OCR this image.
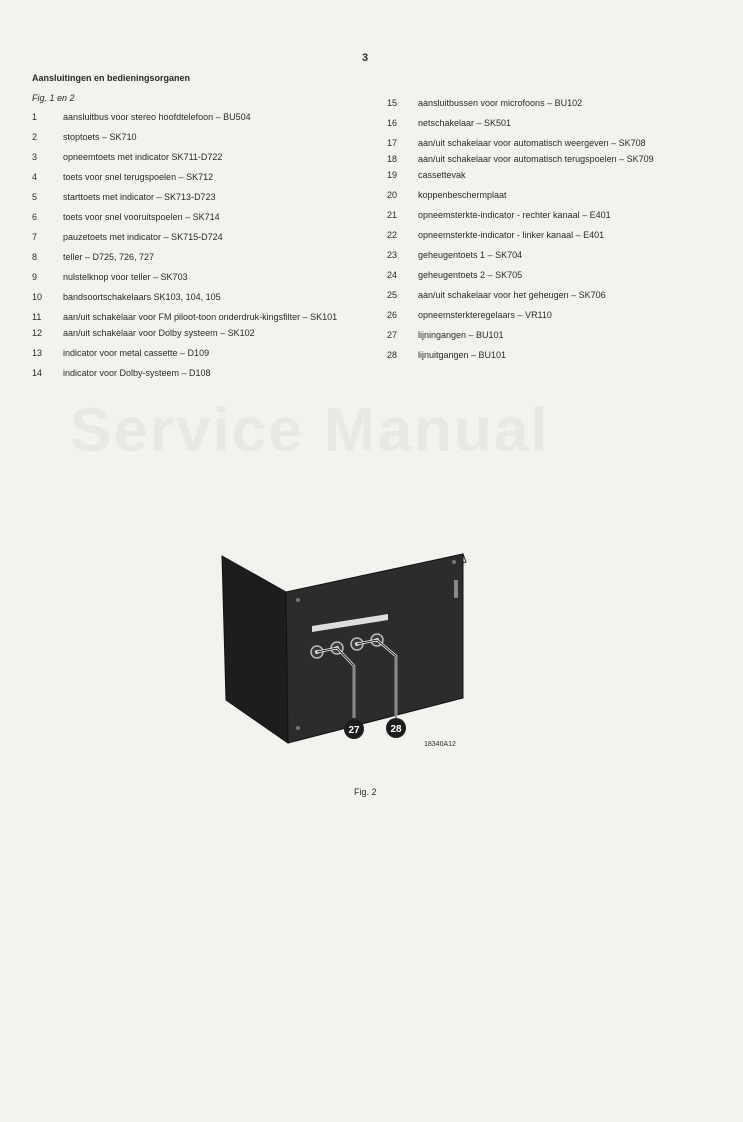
Service Manual
3
Aansluitingen en bedieningsorganen
Fig. 1 en 2
1	aansluitbus voor stereo hoofdtelefoon – BU504
2	stoptoets – SK710
3	opneemtoets met indicator SK711-D722
4	toets voor snel terugspoelen – SK712
5	starttoets met indicator – SK713-D723
6	toets voor snel vooruitspoelen – SK714
7	pauzetoets met indicator – SK715-D724
8	teller – D725, 726, 727
9	nulstelknop voor teller – SK703
10	bandsoortschakelaars SK103, 104, 105
11	aan/uit schakelaar voor FM piloot-toon onderdruk-kingsfilter – SK101
12	aan/uit schakelaar voor Dolby systeem – SK102
13	indicator voor metal cassette – D109
14	indicator voor Dolby-systeem – D108
15	aansluitbussen voor microfoons – BU102
16	netschakelaar – SK501
17	aan/uit schakelaar voor automatisch weergeven – SK708
18	aan/uit schakelaar voor automatisch terugspoelen – SK709
19	cassettevak
20	koppenbeschermplaat
21	opneemsterkte-indicator - rechter kanaal – E401
22	opneemsterkte-indicator - linker kanaal – E401
23	geheugentoets 1 – SK704
24	geheugentoets 2 – SK705
25	aan/uit schakelaar voor het geheugen – SK706
26	opneemsterkteregelaars – VR110
27	lijningangen – BU101
28	lijnuitgangen – BU101
27	28
18340A12
Fig. 2
